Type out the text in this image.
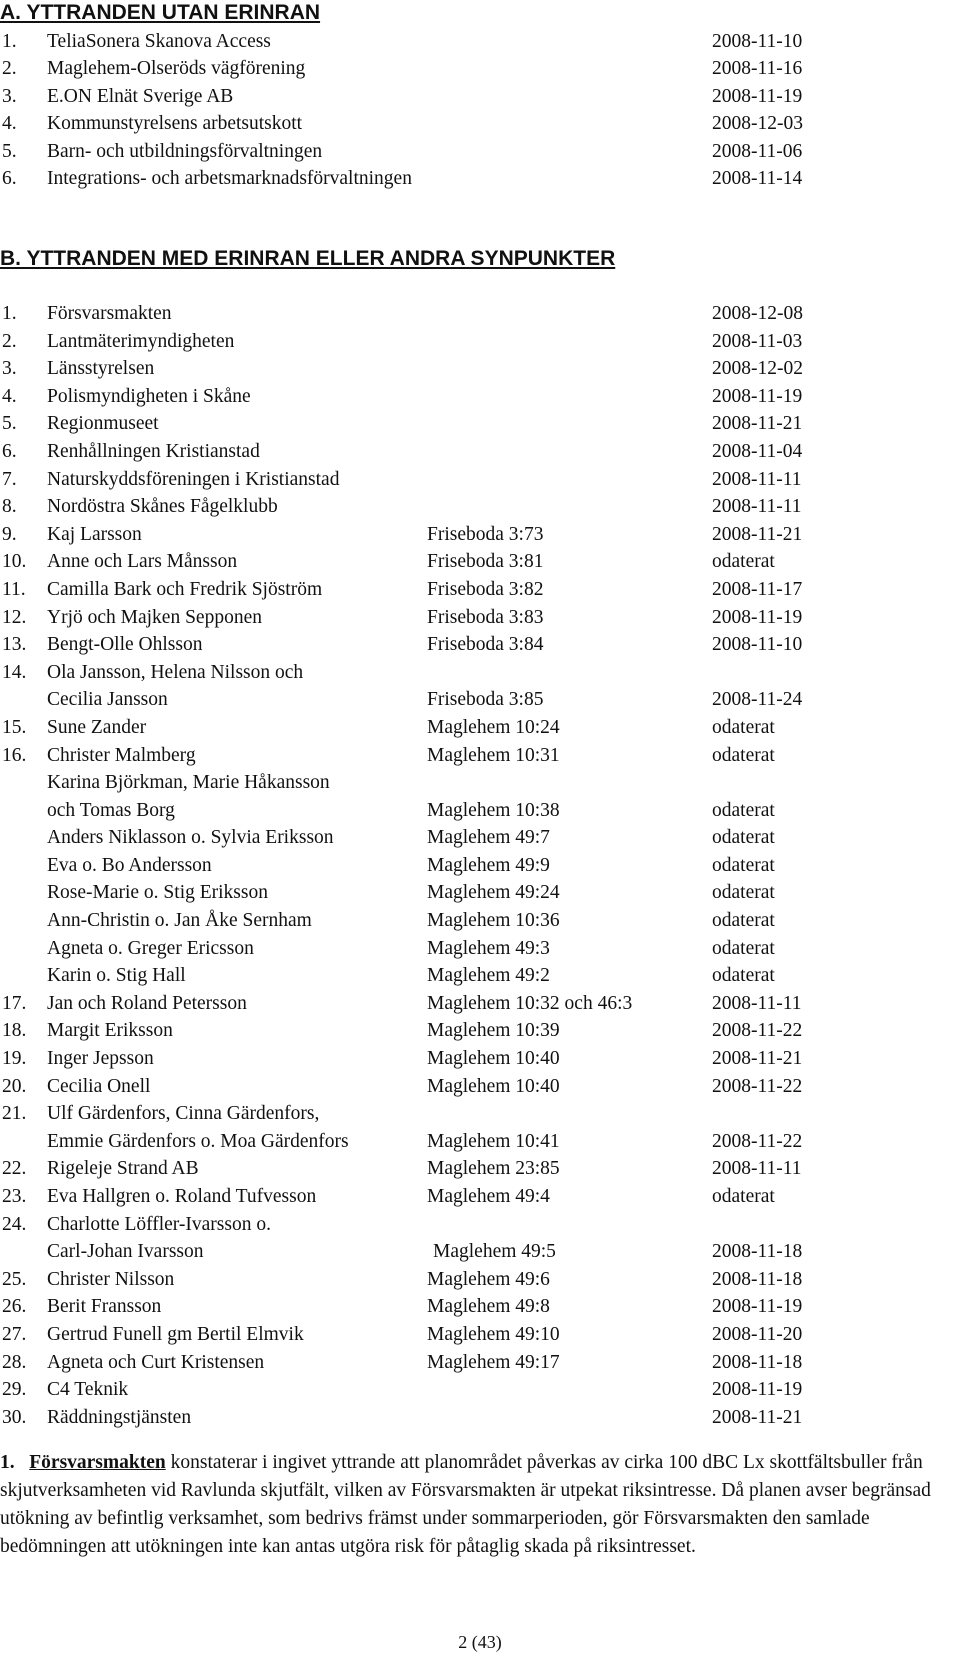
A. YTTRANDEN UTAN ERINRAN
1. TeliaSonera Skanova Access	2008-11-10
2. Maglehem-Olseröds vägförening	2008-11-16
3. E.ON Elnät Sverige AB	2008-11-19
4. Kommunstyrelsens arbetsutskott	2008-12-03
5. Barn- och utbildningsförvaltningen	2008-11-06
6. Integrations- och arbetsmarknadsförvaltningen	2008-11-14
B. YTTRANDEN MED ERINRAN ELLER ANDRA SYNPUNKTER
1. Försvarsmakten	2008-12-08
2. Lantmäterimyndigheten	2008-11-03
3. Länsstyrelsen	2008-12-02
4. Polismyndigheten i Skåne	2008-11-19
5. Regionmuseet	2008-11-21
6. Renhållningen Kristianstad	2008-11-04
7. Naturskyddsföreningen i Kristianstad	2008-11-11
8. Nordöstra Skånes Fågelklubb	2008-11-11
9. Kaj Larsson	Friseboda 3:73	2008-11-21
10. Anne och Lars Månsson	Friseboda 3:81	odaterat
11. Camilla Bark och Fredrik Sjöström	Friseboda 3:82	2008-11-17
12. Yrjö och Majken Sepponen	Friseboda 3:83	2008-11-19
13. Bengt-Olle Ohlsson	Friseboda 3:84	2008-11-10
14. Ola Jansson, Helena Nilsson och
Cecilia Jansson	Friseboda 3:85	2008-11-24
15. Sune Zander	Maglehem 10:24	odaterat
16. Christer Malmberg	Maglehem 10:31	odaterat
Karina Björkman, Marie Håkansson
och Tomas Borg	Maglehem 10:38	odaterat
Anders Niklasson o. Sylvia Eriksson	Maglehem 49:7	odaterat
Eva o. Bo Andersson	Maglehem 49:9	odaterat
Rose-Marie o. Stig Eriksson	Maglehem 49:24	odaterat
Ann-Christin o. Jan Åke Sernham	Maglehem 10:36	odaterat
Agneta o. Greger Ericsson	Maglehem 49:3	odaterat
Karin o. Stig Hall	Maglehem 49:2	odaterat
17. Jan och Roland Petersson	Maglehem 10:32 och 46:3	2008-11-11
18. Margit Eriksson	Maglehem 10:39	2008-11-22
19. Inger Jepsson	Maglehem 10:40	2008-11-21
20. Cecilia Onell	Maglehem 10:40	2008-11-22
21. Ulf Gärdenfors, Cinna Gärdenfors,
Emmie Gärdenfors o. Moa Gärdenfors	Maglehem 10:41	2008-11-22
22. Rigeleje Strand AB	Maglehem 23:85	2008-11-11
23. Eva Hallgren o. Roland Tufvesson	Maglehem 49:4	odaterat
24. Charlotte Löffler-Ivarsson o.
Carl-Johan Ivarsson	Maglehem 49:5	2008-11-18
25. Christer Nilsson	Maglehem 49:6	2008-11-18
26. Berit Fransson	Maglehem 49:8	2008-11-19
27. Gertrud Funell gm Bertil Elmvik	Maglehem 49:10	2008-11-20
28. Agneta och Curt Kristensen	Maglehem 49:17	2008-11-18
29. C4 Teknik	2008-11-19
30. Räddningstjänsten	2008-11-21
1. Försvarsmakten konstaterar i ingivet yttrande att planområdet påverkas av cirka 100 dBC Lx skottfältsbuller från skjutverksamheten vid Ravlunda skjutfält, vilken av Försvarsmakten är utpekat riksintresse. Då planen avser begränsad utökning av befintlig verksamhet, som bedrivs främst under sommarperioden, gör Försvarsmakten den samlade bedömningen att utökningen inte kan antas utgöra risk för påtaglig skada på riksintresset.
2 (43)
